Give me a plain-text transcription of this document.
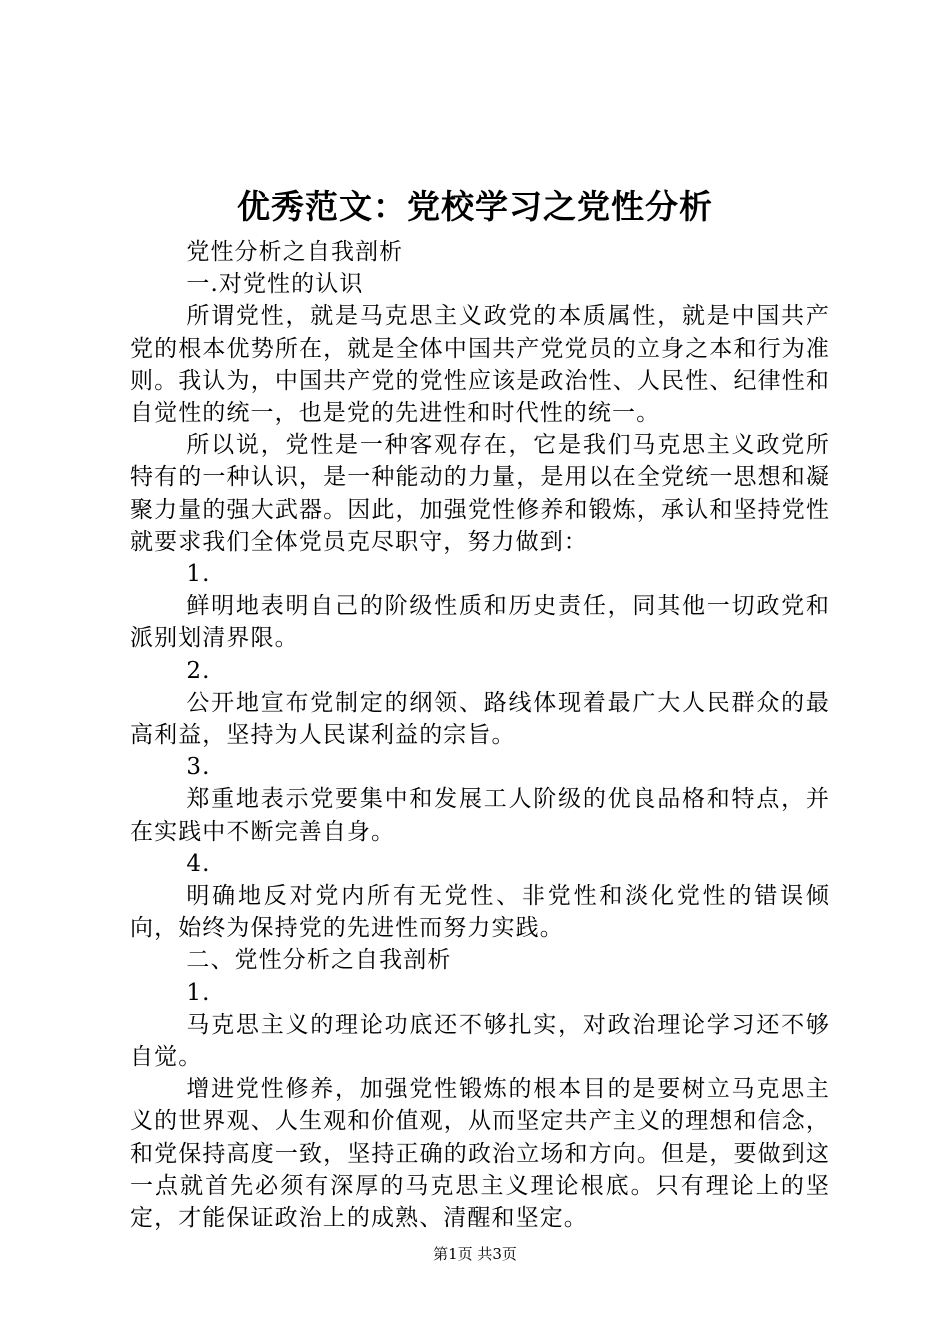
优秀范文：党校学习之党性分析

党性分析之自我剖析

一.对党性的认识

所谓党性，就是马克思主义政党的本质属性，就是中国共产党的根本优势所在，就是全体中国共产党党员的立身之本和行为准则。我认为，中国共产党的党性应该是政治性、人民性、纪律性和自觉性的统一，也是党的先进性和时代性的统一。

所以说，党性是一种客观存在，它是我们马克思主义政党所特有的一种认识，是一种能动的力量，是用以在全党统一思想和凝聚力量的强大武器。因此，加强党性修养和锻炼，承认和坚持党性就要求我们全体党员克尽职守，努力做到：

1.

鲜明地表明自己的阶级性质和历史责任，同其他一切政党和派别划清界限。

2.

公开地宣布党制定的纲领、路线体现着最广大人民群众的最高利益，坚持为人民谋利益的宗旨。

3.

郑重地表示党要集中和发展工人阶级的优良品格和特点，并在实践中不断完善自身。

4.

明确地反对党内所有无党性、非党性和淡化党性的错误倾向，始终为保持党的先进性而努力实践。

二、党性分析之自我剖析

1.

马克思主义的理论功底还不够扎实，对政治理论学习还不够自觉。

增进党性修养，加强党性锻炼的根本目的是要树立马克思主义的世界观、人生观和价值观，从而坚定共产主义的理想和信念，和党保持高度一致，坚持正确的政治立场和方向。但是，要做到这一点就首先必须有深厚的马克思主义理论根底。只有理论上的坚定，才能保证政治上的成熟、清醒和坚定。

第1页 共3页
